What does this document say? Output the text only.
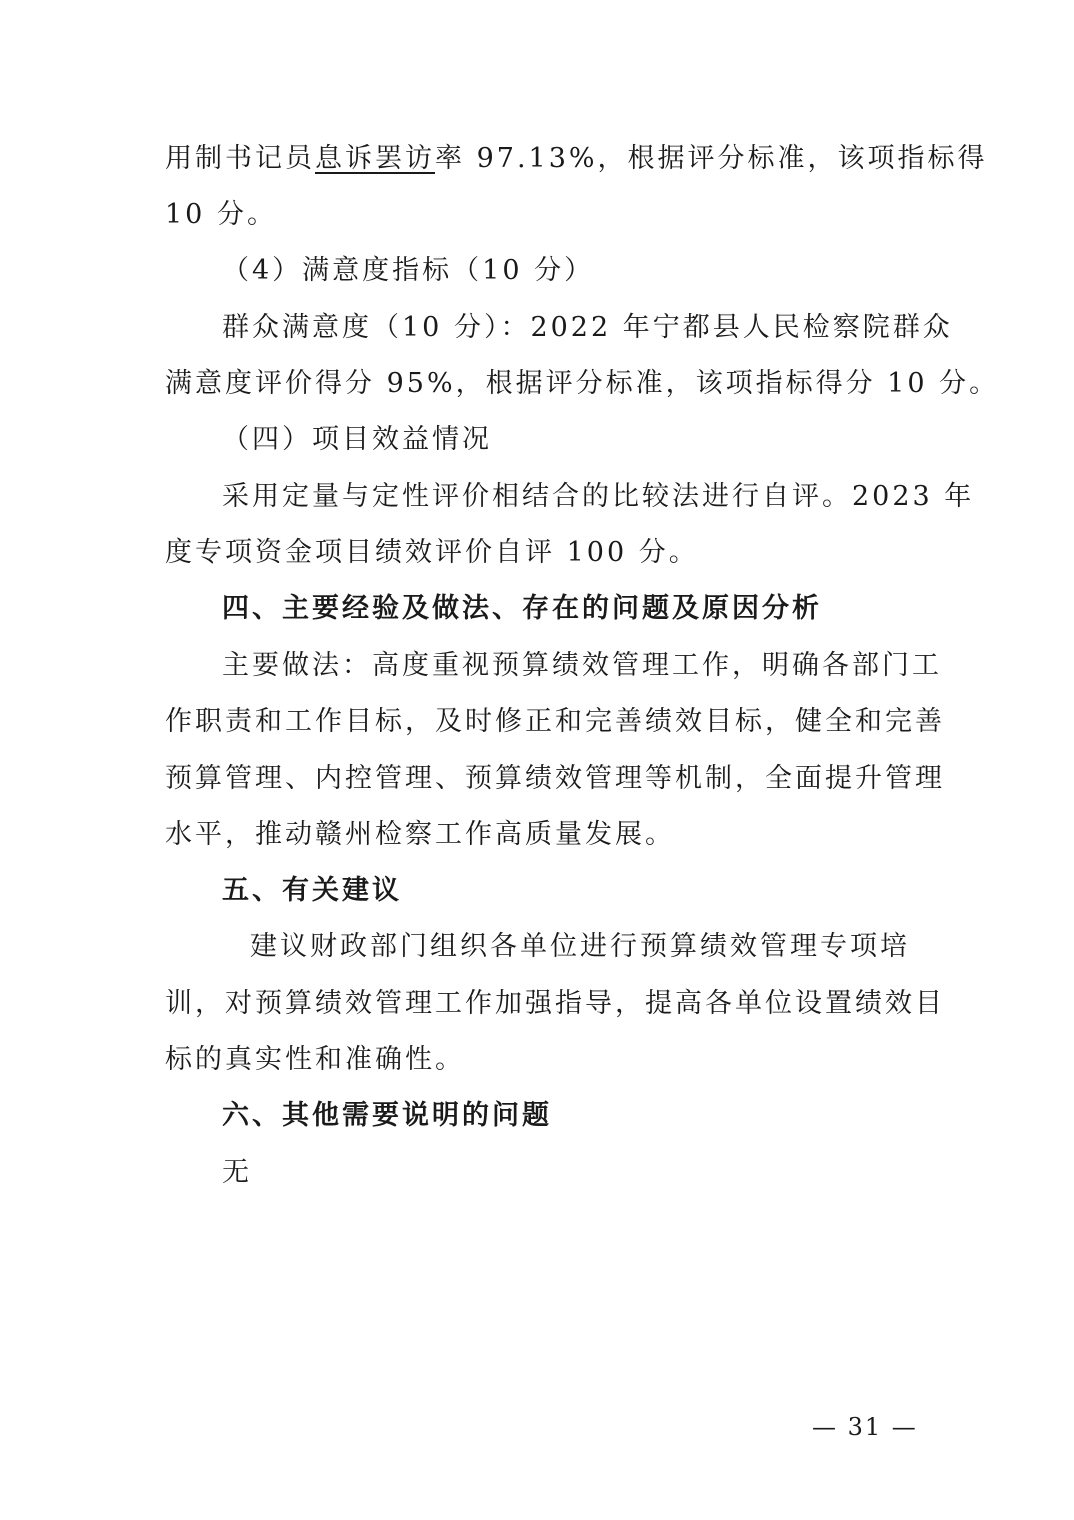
用制书记员息诉罢访率 97.13%，根据评分标准，该项指标得
10 分。
（4）满意度指标（10 分）
群众满意度（10 分）：2022 年宁都县人民检察院群众
满意度评价得分 95%，根据评分标准，该项指标得分 10 分。
（四）项目效益情况
采用定量与定性评价相结合的比较法进行自评。2023 年
度专项资金项目绩效评价自评 100 分。
四、主要经验及做法、存在的问题及原因分析
主要做法：高度重视预算绩效管理工作，明确各部门工
作职责和工作目标，及时修正和完善绩效目标，健全和完善
预算管理、内控管理、预算绩效管理等机制，全面提升管理
水平，推动赣州检察工作高质量发展。
五、有关建议
建议财政部门组织各单位进行预算绩效管理专项培
训，对预算绩效管理工作加强指导，提高各单位设置绩效目
标的真实性和准确性。
六、其他需要说明的问题
无
— 31 —
